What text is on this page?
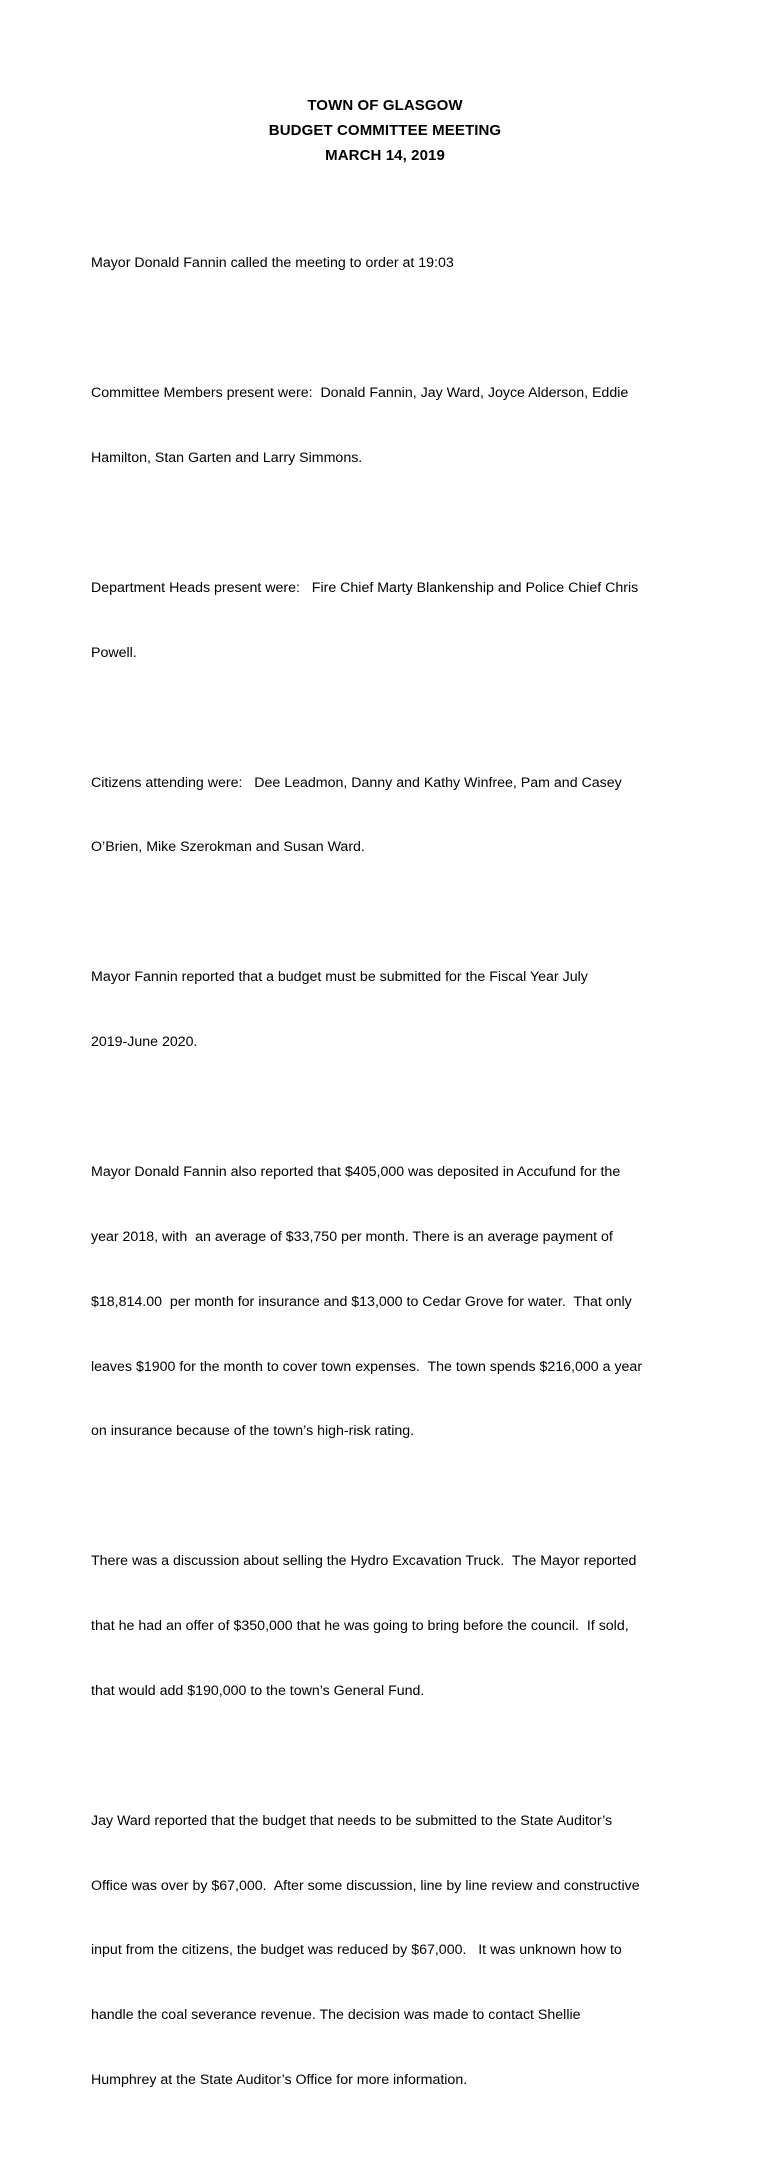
TOWN OF GLASGOW
BUDGET COMMITTEE MEETING
MARCH 14, 2019

Mayor Donald Fannin called the meeting to order at 19:03

Committee Members present were:  Donald Fannin, Jay Ward, Joyce Alderson, Eddie

Hamilton, Stan Garten and Larry Simmons.

Department Heads present were:   Fire Chief Marty Blankenship and Police Chief Chris

Powell.

Citizens attending were:   Dee Leadmon, Danny and Kathy Winfree, Pam and Casey

O’Brien, Mike Szerokman and Susan Ward.

Mayor Fannin reported that a budget must be submitted for the Fiscal Year July

2019-June 2020.

Mayor Donald Fannin also reported that $405,000 was deposited in Accufund for the

year 2018, with  an average of $33,750 per month. There is an average payment of

$18,814.00  per month for insurance and $13,000 to Cedar Grove for water.  That only

leaves $1900 for the month to cover town expenses.  The town spends $216,000 a year

on insurance because of the town’s high-risk rating.

There was a discussion about selling the Hydro Excavation Truck.  The Mayor reported

that he had an offer of $350,000 that he was going to bring before the council.  If sold,

that would add $190,000 to the town’s General Fund.

Jay Ward reported that the budget that needs to be submitted to the State Auditor’s

Office was over by $67,000.  After some discussion, line by line review and constructive

input from the citizens, the budget was reduced by $67,000.   It was unknown how to

handle the coal severance revenue. The decision was made to contact Shellie

Humphrey at the State Auditor’s Office for more information.
